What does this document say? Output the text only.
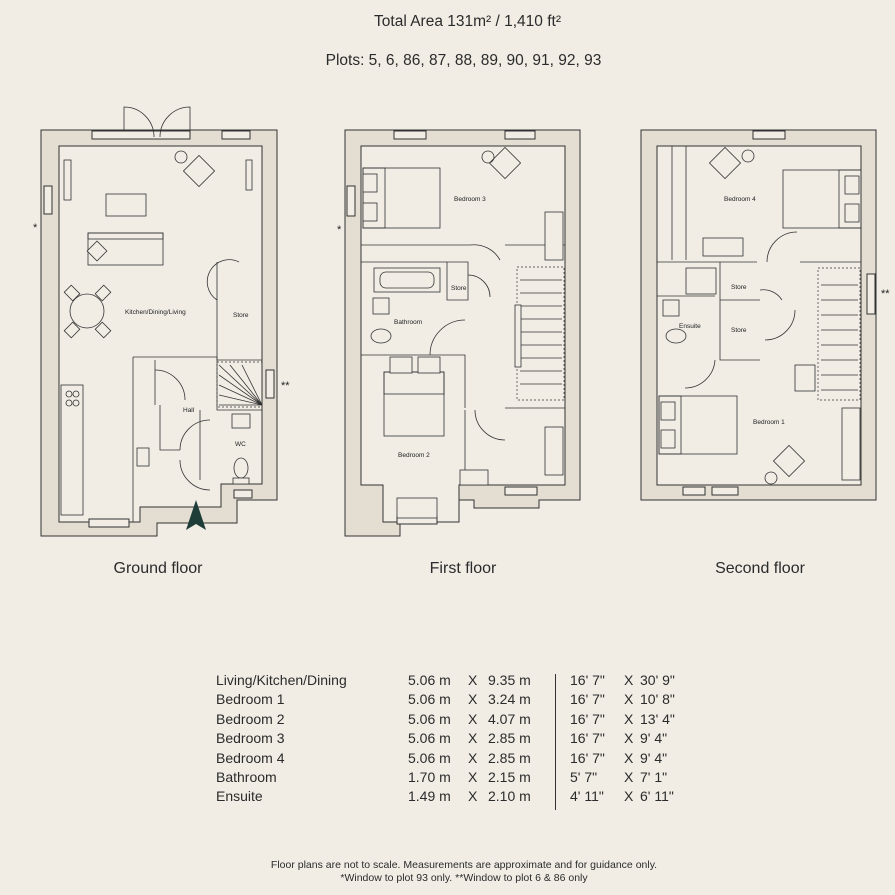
Total Area 131m² / 1,410 ft²
Plots: 5, 6, 86, 87, 88, 89, 90, 91, 92, 93
Kitchen/Dining/Living	Store
Hall
WC
*
**
Bedroom 3
Store
Bathroom
Bedroom 2
*
Bedroom 4
Store
Ensuite
Store
Bedroom 1
**
Ground floor	First floor	Second floor
Living/Kitchen/Dining	5.06 m X 9.35 m	16' 7" X 30' 9"
Bedroom 1	5.06 m X 3.24 m	16' 7" X 10' 8"
Bedroom 2	5.06 m X 4.07 m	16' 7" X 13' 4"
Bedroom 3	5.06 m X 2.85 m	16' 7" X 9' 4"
Bedroom 4	5.06 m X 2.85 m	16' 7" X 9' 4"
Bathroom	1.70 m X 2.15 m	5' 7" X 7' 1"
Ensuite	1.49 m X 2.10 m	4' 11" X 6' 11"
Floor plans are not to scale. Measurements are approximate and for guidance only.
*Window to plot 93 only. **Window to plot 6 & 86 only
